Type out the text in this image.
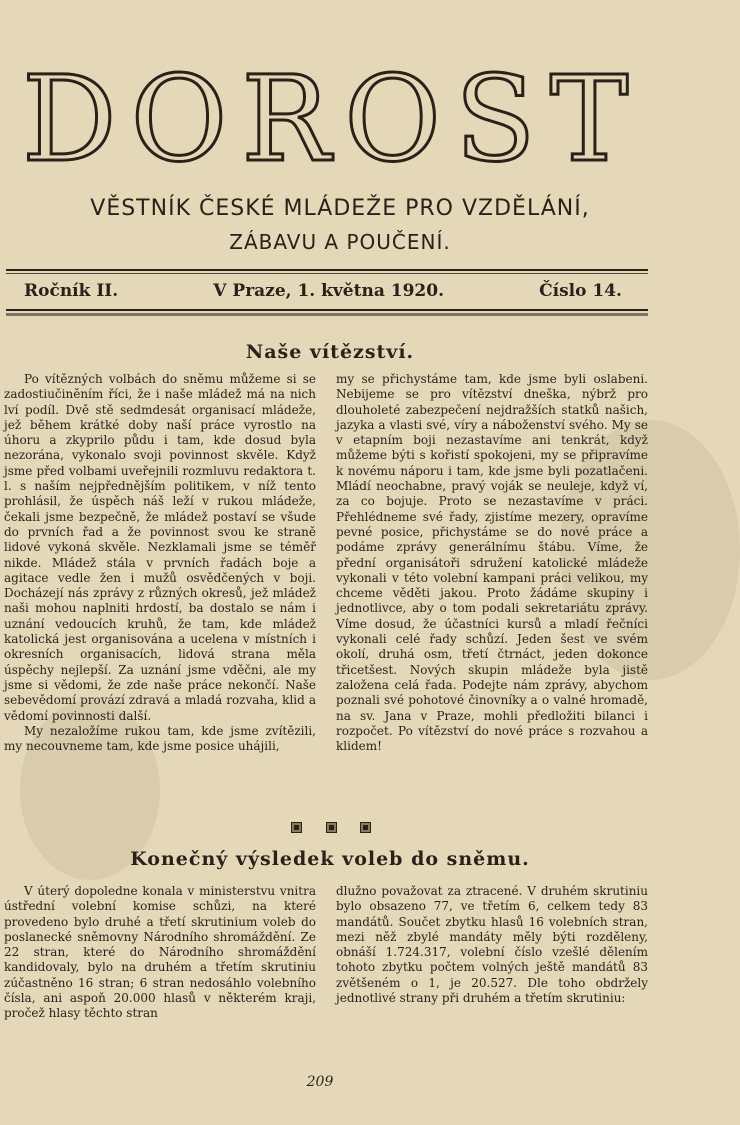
DOROST
VĚSTNÍK ČESKÉ MLÁDEŽE PRO VZDĚLÁNÍ,
ZÁBAVU A POUČENÍ.
Ročník II.	V Praze, 1. května 1920.	Číslo 14.
Naše vítězství.

Po vítězných volbách do sněmu můžeme si se zadostiučiněním říci, že i naše mládež má na nich lví podíl. Dvě stě sedmdesát organisací mládeže, jež během krátké doby naší práce vyrostlo na úhoru a zkyprilo půdu i tam, kde dosud byla nezorána, vykonalo svoji povinnost skvěle. Když jsme před volbami uveřejnili rozmluvu redaktora t. l. s naším nejpřednějším politikem, v níž tento prohlásil, že úspěch náš leží v rukou mládeže, čekali jsme bezpečně, že mládež postaví se všude do prvních řad a že povinnost svou ke straně lidové vykoná skvěle. Nezklamali jsme se téměř nikde. Mládež stála v prvních řadách boje a agitace vedle žen i mužů osvědčených v boji. Docházejí nás zprávy z různých okresů, jež mládež naši mohou naplniti hrdostí, ba dostalo se nám i uznání vedoucích kruhů, že tam, kde mládež katolická jest organisována a ucelena v místních i okresních organisacích, lidová strana měla úspěchy nejlepší. Za uznání jsme vděčni, ale my jsme si vědomi, že zde naše práce nekončí. Naše sebevědomí provází zdravá a mladá rozvaha, klid a vědomí povinnosti další.

My nezaložíme rukou tam, kde jsme zvítězili, my necouvneme tam, kde jsme posice uhájili,

my se přichystáme tam, kde jsme byli oslabeni. Nebijeme se pro vítězství dneška, nýbrž pro dlouholeté zabezpečení nejdražších statků našich, jazyka a vlasti své, víry a náboženství svého. My se v etapním boji nezastavíme ani tenkrát, když můžeme býti s kořistí spokojeni, my se připravíme k novému náporu i tam, kde jsme byli pozatlačeni. Mládí neochabne, pravý voják se neuleje, když ví, za co bojuje. Proto se nezastavíme v práci. Přehlédneme své řady, zjistíme mezery, opravíme pevné posice, přichystáme se do nové práce a podáme zprávy generálnímu štábu. Víme, že přední organisátoři sdružení katolické mládeže vykonali v této volební kampani práci velikou, my chceme věděti jakou. Proto žádáme skupiny i jednotlivce, aby o tom podali sekretariátu zprávy. Víme dosud, že účastníci kursů a mladí řečníci vykonali celé řady schůzí. Jeden šest ve svém okolí, druhá osm, třetí čtrnáct, jeden dokonce třicetšest. Nových skupin mládeže byla jistě založena celá řada. Podejte nám zprávy, abychom poznali své pohotové činovníky a o valné hromadě, na sv. Jana v Praze, mohli předložiti bilanci i rozpočet. Po vítězství do nové práce s rozvahou a klidem!

Konečný výsledek voleb do sněmu.

V úterý dopoledne konala v ministerstvu vnitra ústřední volební komise schůzi, na které provedeno bylo druhé a třetí skrutinium voleb do poslanecké sněmovny Národního shromáždění. Ze 22 stran, které do Národního shromáždění kandidovaly, bylo na druhém a třetím skrutiniu zúčastněno 16 stran; 6 stran nedosáhlo volebního čísla, ani aspoň 20.000 hlasů v některém kraji, pročež hlasy těchto stran

dlužno považovat za ztracené. V druhém skrutiniu bylo obsazeno 77, ve třetím 6, celkem tedy 83 mandátů. Součet zbytku hlasů 16 volebních stran, mezi něž zbylé mandáty měly býti rozděleny, obnáší 1.724.317, volební číslo vzešlé dělením tohoto zbytku počtem volných ještě mandátů 83 zvětšeném o 1, je 20.527. Dle toho obdržely jednotlivé strany při druhém a třetím skrutiniu:

209
